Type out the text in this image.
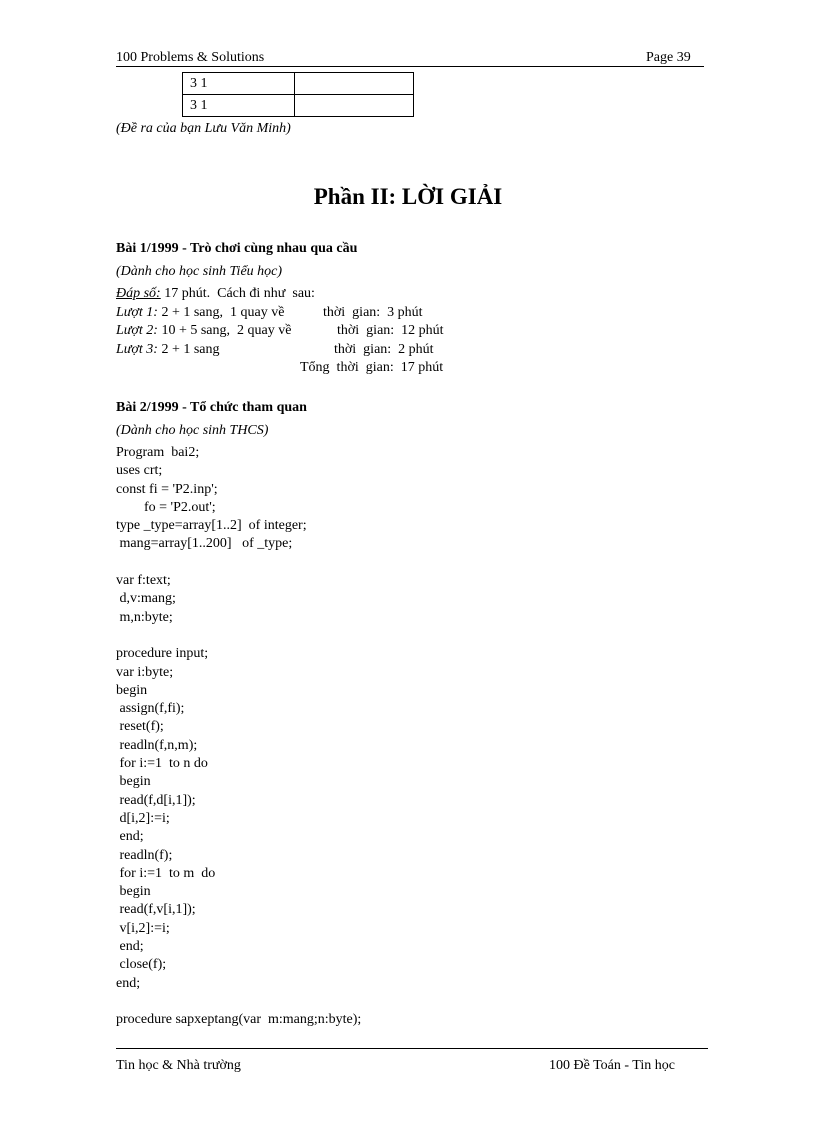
100 Problems & Solutions	Page 39
3 1	
3 1	
(Đề ra của bạn Lưu Văn Minh)
Phần II: LỜI GIẢI
Bài 1/1999 - Trò chơi cùng nhau qua cầu
(Dành cho học sinh Tiểu học)
Đáp số: 17 phút.  Cách đi như  sau:
Lượt 1: 2 + 1 sang,  1 quay về	thời  gian:  3 phút
Lượt 2: 10 + 5 sang,  2 quay về	thời  gian:  12 phút
Lượt 3: 2 + 1 sang	thời  gian:  2 phút
Tổng  thời  gian:  17 phút
Bài 2/1999 - Tổ chức tham quan
(Dành cho học sinh THCS)
Program  bai2;
uses crt;
const fi = 'P2.inp';
fo = 'P2.out';
type _type=array[1..2]  of integer;
mang=array[1..200]   of _type;

var f:text;
d,v:mang;
m,n:byte;

procedure input;
var i:byte;
begin
assign(f,fi);
reset(f);
readln(f,n,m);
for i:=1  to n do
begin
read(f,d[i,1]);
d[i,2]:=i;
end;
readln(f);
for i:=1  to m  do
begin
read(f,v[i,1]);
v[i,2]:=i;
end;
close(f);
end;

procedure sapxeptang(var  m:mang;n:byte);
Tin học & Nhà trường	100 Đề Toán - Tin học
